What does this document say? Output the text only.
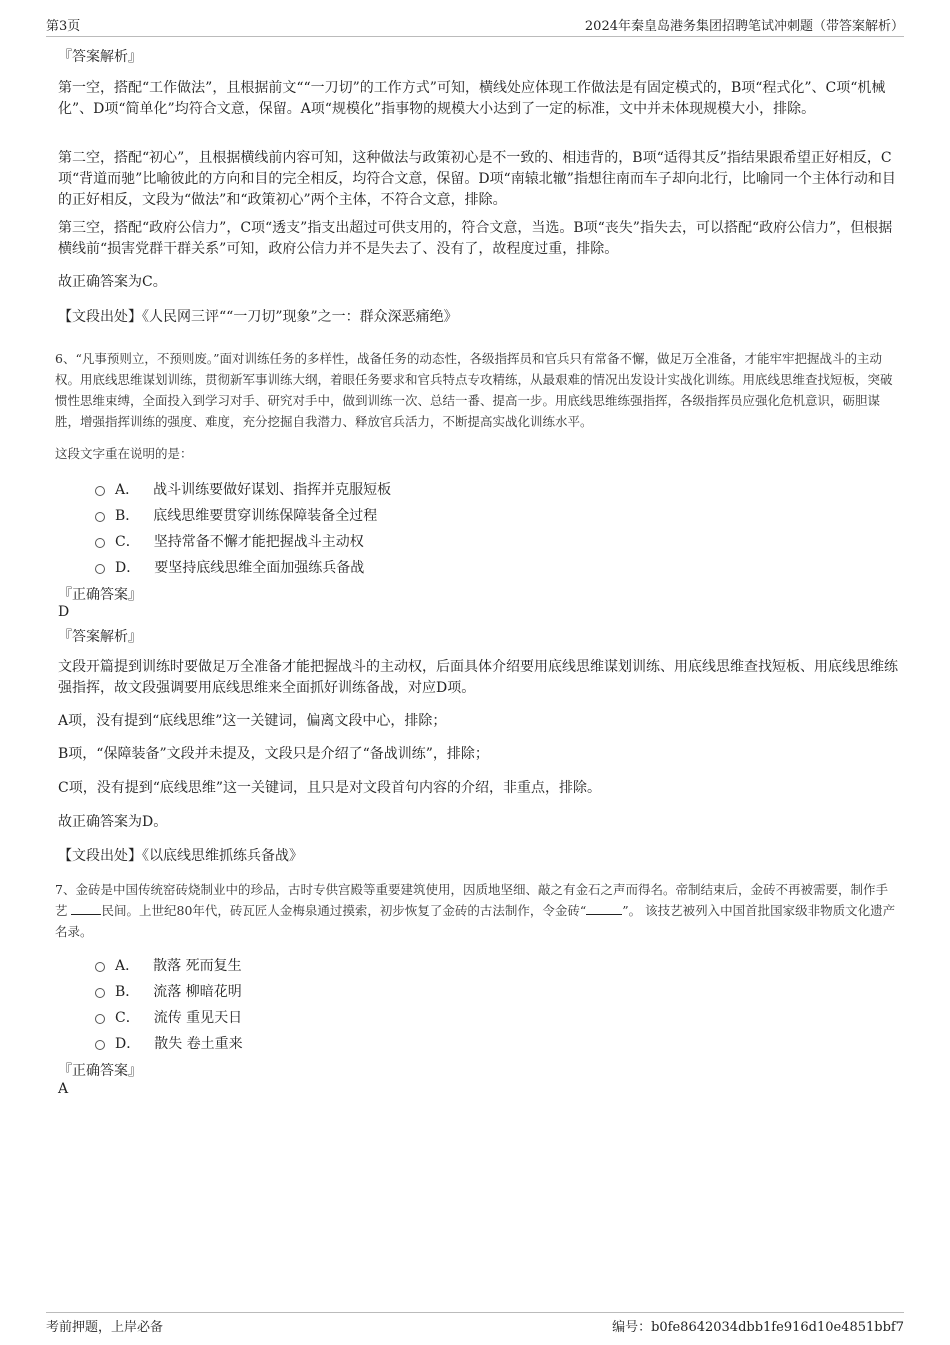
第3页	2024年秦皇岛港务集团招聘笔试冲刺题（带答案解析）
『答案解析』

第一空，搭配“工作做法”，且根据前文““一刀切”的工作方式”可知，横线处应体现工作做法是有固定模式的，B项“程式化”、C项“机械化”、D项“简单化”均符合文意，保留。A项“规模化”指事物的规模大小达到了一定的标准，文中并未体现规模大小，排除。

第二空，搭配“初心”，且根据横线前内容可知，这种做法与政策初心是不一致的、相违背的，B项“适得其反”指结果跟希望正好相反，C项“背道而驰”比喻彼此的方向和目的完全相反，均符合文意，保留。D项“南辕北辙”指想往南而车子却向北行，比喻同一个主体行动和目的正好相反，文段为“做法”和“政策初心”两个主体，不符合文意，排除。

第三空，搭配“政府公信力”，C项“透支”指支出超过可供支用的，符合文意，当选。B项“丧失”指失去，可以搭配“政府公信力”，但根据横线前“损害党群干群关系”可知，政府公信力并不是失去了、没有了，故程度过重，排除。

故正确答案为C。
【文段出处】《人民网三评““一刀切”现象”之一：群众深恶痛绝》

6、“凡事预则立，不预则废。”面对训练任务的多样性，战备任务的动态性，各级指挥员和官兵只有常备不懈，做足万全准备，才能牢牢把握战斗的主动权。用底线思维谋划训练，贯彻新军事训练大纲，着眼任务要求和官兵特点专攻精练，从最艰难的情况出发设计实战化训练。用底线思维查找短板，突破惯性思维束缚，全面投入到学习对手、研究对手中，做到训练一次、总结一番、提高一步。用底线思维练强指挥，各级指挥员应强化危机意识，砺胆谋胜，增强指挥训练的强度、难度，充分挖掘自我潜力、释放官兵活力，不断提高实战化训练水平。

这段文字重在说明的是：
A． 战斗训练要做好谋划、指挥并克服短板
B． 底线思维要贯穿训练保障装备全过程
C． 坚持常备不懈才能把握战斗主动权
D． 要坚持底线思维全面加强练兵备战
『正确答案』
D
『答案解析』

文段开篇提到训练时要做足万全准备才能把握战斗的主动权，后面具体介绍要用底线思维谋划训练、用底线思维查找短板、用底线思维练强指挥，故文段强调要用底线思维来全面抓好训练备战，对应D项。

A项，没有提到“底线思维”这一关键词，偏离文段中心，排除；
B项，“保障装备”文段并未提及，文段只是介绍了“备战训练”，排除；
C项，没有提到“底线思维”这一关键词，且只是对文段首句内容的介绍，非重点，排除。
故正确答案为D。
【文段出处】《以底线思维抓练兵备战》

7、金砖是中国传统窑砖烧制业中的珍品，古时专供宫殿等重要建筑使用，因质地坚细、敲之有金石之声而得名。帝制结束后，金砖不再被需要，制作手艺 民间。上世纪80年代，砖瓦匠人金梅泉通过摸索，初步恢复了金砖的古法制作，令金砖“	”。 该技艺被列入中国首批国家级非物质文化遗产名录。

A． 散落 死而复生
B． 流落 柳暗花明
C． 流传 重见天日
D． 散失 卷土重来
『正确答案』
A
考前押题，上岸必备	编号：b0fe8642034dbb1fe916d10e4851bbf7
